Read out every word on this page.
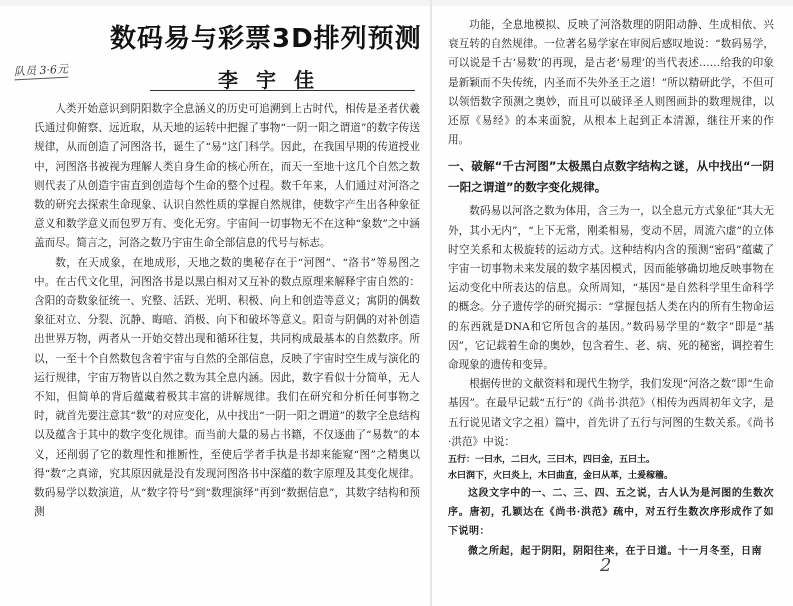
数码易与彩票3D排列预测
队员 3·6元	李宇佳

人类开始意识到阴阳数字全息涵义的历史可追溯到上古时代，相传是圣者伏羲氏通过仰俯察、远近取，从天地的运转中把握了事物“一阴一阳之谓道”的数字传送规律，从而创造了河图洛书，诞生了“易”这门科学。因此，在我国早期的传道授业中，河图洛书被视为理解人类自身生命的核心所在，而天一至地十这几个自然之数则代表了从创造宇宙直到创造每个生命的整个过程。数千年来，人们通过对河洛之数的研究去探索生命现象、认识自然性质的掌握自然规律，使数字产生出各种象征意义和数学意义而包罗万有、变化无穷。宇宙间一切事物无不在这种“象数”之中涵盖而尽。简言之，河洛之数乃宇宙生命全部信息的代号与标志。

数，在天成象，在地成形，天地之数的奥秘存在于“河图”、“洛书”等易图之中。在古代文化里，河图洛书是以黑白相对又互补的数点原理来解释宇宙自然的：含阳的奇数象征统一、究整、活跃、光明、积极、向上和创造等意义；寓阴的偶数象征对立、分裂、沉静、晦暗、消极、向下和破坏等意义。阳奇与阴偶的对补创造出世界万物，两者从一开始交替出现和循环往复，共同构成最基本的自然数序。所以，一至十个自然数包含着宇宙与自然的全部信息，反映了宇宙时空生成与演化的运行规律，宇宙万物皆以自然之数为其全息内涵。因此，数字看似十分简单，无人不知，但简单的背后蕴藏着极其丰富的讲解规律。我们在研究和分析任何事物之时，就首先要注意其“数”的对应变化，从中找出“一阴一阳之谓道”的数字全息结构以及蕴含于其中的数字变化规律。而当前大量的易占书籍，不仅逐曲了“易数”的本义，还削弱了它的数理性和推断性，至使后学者手执是书却来能窥“图”之精奥以得“数”之真谛，究其原因就是没有发现河图洛书中深蕴的数字原理及其变化规律。数码易学以数演道，从“数字符号”到“数理演绎”再到“数据信息”，其数字结构和预测

功能，全息地模拟、反映了河洛数理的阴阳动静、生成相依、兴衰互转的自然规律。一位著名易学家在审阅后感叹地说：“数码易学，可以说是千古‘易数’的再现，是古老‘易理’的当代表述……给我的印象是新颖而不失传统，内圣而不失外圣王之道！”所以精研此学，不但可以领悟数字预测之奥妙，而且可以破译圣人则图画卦的数理规律，以还原《易经》的本来面貌，从根本上起到正本清源，继往开来的作用。

一、破解“千古河图”太极黑白点数字结构之谜，从中找出“一阴一阳之谓道”的数字变化规律。

数码易以河洛之数为体用，含三为一，以全息元方式象征“其大无外，其小无内”，“上下无常，刚柔相易，变动不居，周流六虚”的立体时空关系和太极旋转的运动方式。这种结构内含的预测“密码”蕴藏了宇宙一切事物未来发展的数字基因模式，因而能够确切地反映事物在运动变化中所表达的信息。众所周知，“基因”是自然科学里生命科学的概念。分子遗传学的研究揭示：“掌握包括人类在内的所有生物命运的东西就是DNA和它所包含的基因。”数码易学里的“数字”即是“基因”，它记载着生命的奥妙，包含着生、老、病、死的秘密，调控着生命现象的遗传和变异。

根据传世的文献资料和现代生物学，我们发现“河洛之数”即“生命基因”。在最早记载“五行”的《尚书·洪范》（相传为西周初年文字，是五行说见诸文字之祖）篇中，首先讲了五行与河图的生数关系。《尚书·洪范》中说：

五行：一曰水，二曰火，三曰木，四曰金，五曰土。
水曰润下，火曰炎上，木曰曲直，金曰从革，土爰稼穑。

这段文字中的一、二、三、四、五之说，古人认为是河图的生数次序。唐初，孔颖达在《尚书·洪范》疏中，对五行生数次序形成作了如下说明：

微之所起，起于阴阳，阴阳往来，在于日道。十一月冬至，日南

2
